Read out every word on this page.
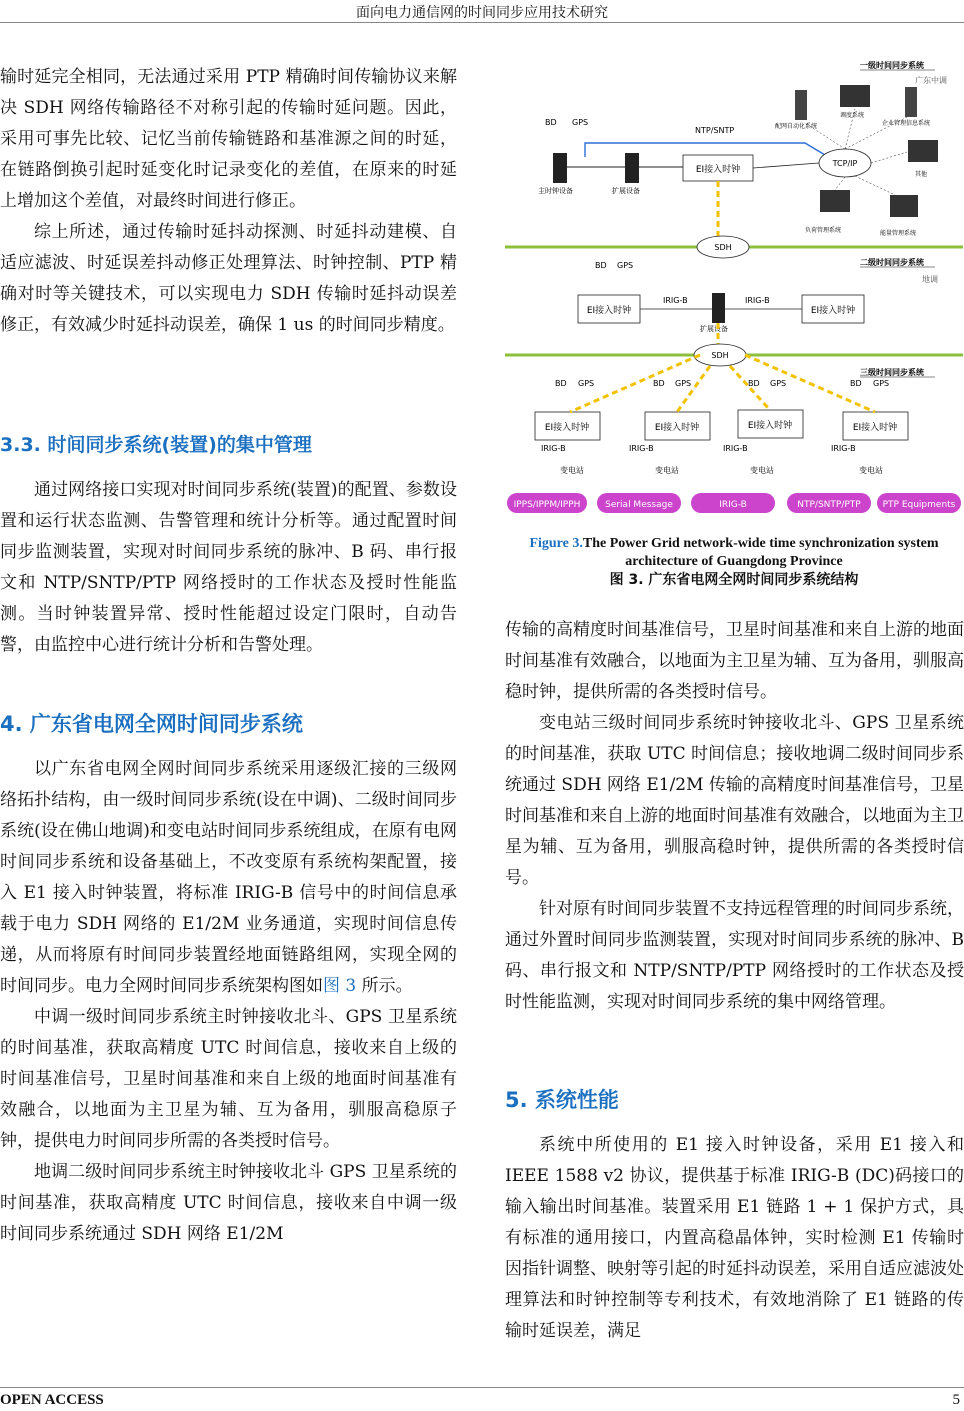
面向电力通信网的时间同步应用技术研究

输时延完全相同，无法通过采用 PTP 精确时间传输协议来解决 SDH 网络传输路径不对称引起的传输时延问题。因此，采用可事先比较、记忆当前传输链路和基准源之间的时延，在链路倒换引起时延变化时记录变化的差值，在原来的时延上增加这个差值，对最终时间进行修正。

综上所述，通过传输时延抖动探测、时延抖动建模、自适应滤波、时延误差抖动修正处理算法、时钟控制、PTP 精确对时等关键技术，可以实现电力 SDH 传输时延抖动误差修正，有效减少时延抖动误差，确保 1 us 的时间同步精度。

3.3. 时间同步系统(装置)的集中管理

通过网络接口实现对时间同步系统(装置)的配置、参数设置和运行状态监测、告警管理和统计分析等。通过配置时间同步监测装置，实现对时间同步系统的脉冲、B 码、串行报文和 NTP/SNTP/PTP 网络授时的工作状态及授时性能监测。当时钟装置异常、授时性能超过设定门限时，自动告警，由监控中心进行统计分析和告警处理。

4. 广东省电网全网时间同步系统

以广东省电网全网时间同步系统采用逐级汇接的三级网络拓扑结构，由一级时间同步系统(设在中调)、二级时间同步系统(设在佛山地调)和变电站时间同步系统组成，在原有电网时间同步系统和设备基础上，不改变原有系统构架配置，接入 E1 接入时钟装置，将标准 IRIG-B 信号中的时间信息承载于电力 SDH 网络的 E1/2M 业务通道，实现时间信息传递，从而将原有时间同步装置经地面链路组网，实现全网的时间同步。电力全网时间同步系统架构图如图 3 所示。

中调一级时间同步系统主时钟接收北斗、GPS 卫星系统的时间基准，获取高精度 UTC 时间信息，接收来自上级的时间基准信号，卫星时间基准和来自上级的地面时间基准有效融合，以地面为主卫星为辅、互为备用，驯服高稳原子钟，提供电力时间同步所需的各类授时信号。

地调二级时间同步系统主时钟接收北斗 GPS 卫星系统的时间基准，获取高精度 UTC 时间信息，接收来自中调一级时间同步系统通过 SDH 网络 E1/2M

一级时间同步系统
广东中调
BD GPS
主时钟设备	扩展设备
EI接入时钟
NTP/SNTP
TCP/IP
配网自动化系统
调度系统
企业管理信息系统
其他
负荷管理系统	能量管理系统
SDH
二级时间同步系统
地调
BD GPS
EI接入时钟	EI接入时钟
扩展设备
IRIG-B	IRIG-B
SDH
三级时间同步系统
BD GPS
EI接入时钟
IRIG-B
变电站
BD GPS
EI接入时钟
IRIG-B
变电站
BD GPS
EI接入时钟
IRIG-B
变电站
BD GPS
EI接入时钟
IRIG-B
变电站
IPPS/IPPM/IPPH	Serial Message	IRIG-B	NTP/SNTP/PTP PTP Equipments
Figure 3.The Power Grid network-wide time synchronization system architecture of Guangdong Province
图 3. 广东省电网全网时间同步系统结构

传输的高精度时间基准信号，卫星时间基准和来自上游的地面时间基准有效融合，以地面为主卫星为辅、互为备用，驯服高稳时钟，提供所需的各类授时信号。

变电站三级时间同步系统时钟接收北斗、GPS 卫星系统的时间基准，获取 UTC 时间信息；接收地调二级时间同步系统通过 SDH 网络 E1/2M 传输的高精度时间基准信号，卫星时间基准和来自上游的地面时间基准有效融合，以地面为主卫星为辅、互为备用，驯服高稳时钟，提供所需的各类授时信号。

针对原有时间同步装置不支持远程管理的时间同步系统，通过外置时间同步监测装置，实现对时间同步系统的脉冲、B 码、串行报文和 NTP/SNTP/PTP 网络授时的工作状态及授时性能监测，实现对时间同步系统的集中网络管理。

5. 系统性能

系统中所使用的 E1 接入时钟设备，采用 E1 接入和 IEEE 1588 v2 协议，提供基于标准 IRIG-B (DC)码接口的输入输出时间基准。装置采用 E1 链路 1 + 1 保护方式，具有标准的通用接口，内置高稳晶体钟，实时检测 E1 传输时因指针调整、映射等引起的时延抖动误差，采用自适应滤波处理算法和时钟控制等专利技术，有效地消除了 E1 链路的传输时延误差，满足

OPEN ACCESS	5
